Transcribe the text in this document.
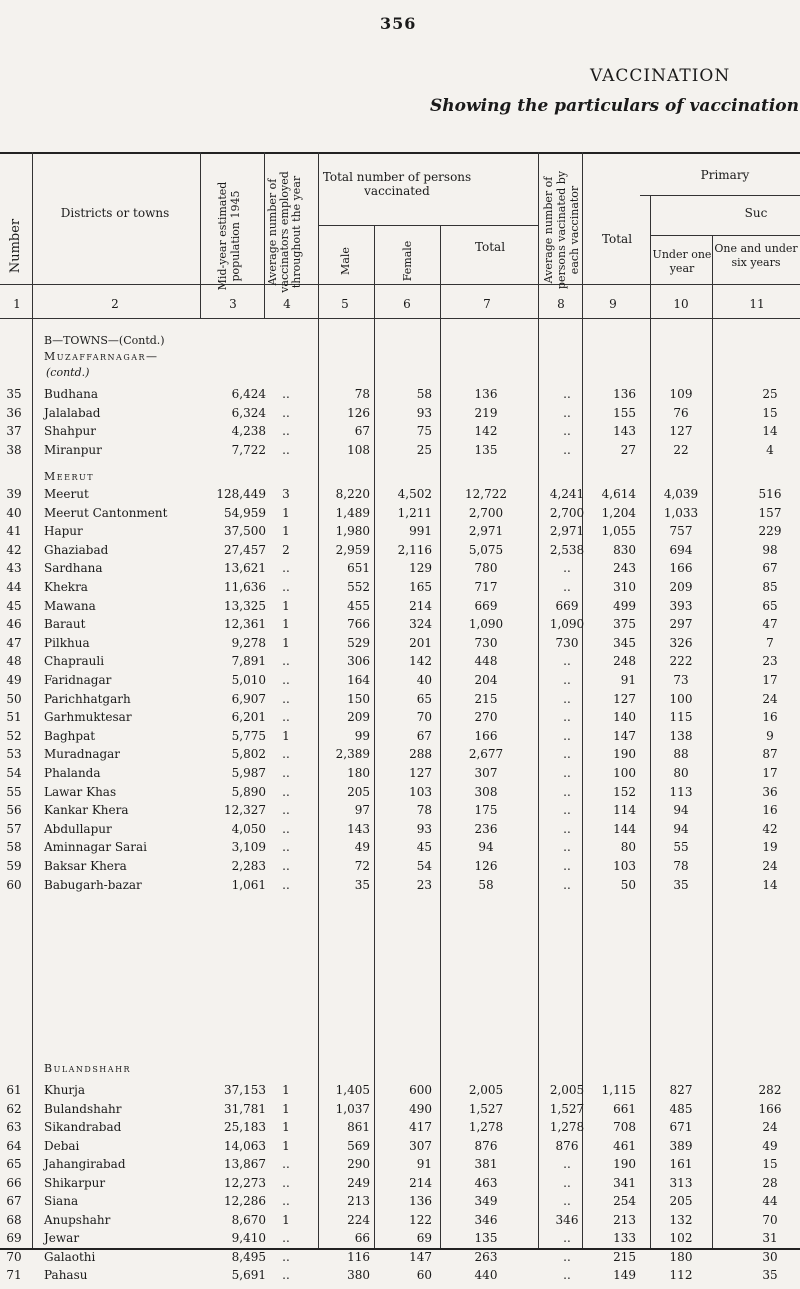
356
VACCINATION
Showing the particulars of vaccination
Number
Districts or towns	Mid-year estimated population 1945 Average number of vaccinators employed throughout the year	Total number of persons vaccinated
Male	Female	Total	Average number of persons vacinated by each vaccinator
Primary
Total
Suc
Under one year
One and under six years
1	2	3	4	5	6	7	8	9	10	11
B—TOWNS—(Contd.)
Muzaffarnagar—
(contd.)
Meerut
Bulandshahr
35	Budhana	6,424	..	78	58	136	..	136	109	25
36	Jalalabad	6,324	..	126	93	219	..	155	76	15
37	Shahpur	4,238	..	67	75	142	..	143	127	14
38	Miranpur	7,722	..	108	25	135	..	27	22	4
39	Meerut	128,449	3	8,220	4,502	12,722	4,241	4,614	4,039	516
40	Meerut Cantonment	54,959	1	1,489	1,211	2,700	2,700	1,204	1,033	157
41	Hapur	37,500	1	1,980	991	2,971	2,971	1,055	757	229
42	Ghaziabad	27,457	2	2,959	2,116	5,075	2,538	830	694	98
43	Sardhana	13,621	..	651	129	780	..	243	166	67
44	Khekra	11,636	..	552	165	717	..	310	209	85
45	Mawana	13,325	1	455	214	669	669	499	393	65
46	Baraut	12,361	1	766	324	1,090	1,090	375	297	47
47	Pilkhua	9,278	1	529	201	730	730	345	326	7
48	Chaprauli	7,891	..	306	142	448	..	248	222	23
49	Faridnagar	5,010	..	164	40	204	..	91	73	17
50	Parichhatgarh	6,907	..	150	65	215	..	127	100	24
51	Garhmuktesar	6,201	..	209	70	270	..	140	115	16
52	Baghpat	5,775	1	99	67	166	..	147	138	9
53	Muradnagar	5,802	..	2,389	288	2,677	..	190	88	87
54	Phalanda	5,987	..	180	127	307	..	100	80	17
55	Lawar Khas	5,890	..	205	103	308	..	152	113	36
56	Kankar Khera	12,327	..	97	78	175	..	114	94	16
57	Abdullapur	4,050	..	143	93	236	..	144	94	42
58	Aminnagar Sarai	3,109	..	49	45	94	..	80	55	19
59	Baksar Khera	2,283	..	72	54	126	..	103	78	24
60	Babugarh-bazar	1,061	..	35	23	58	..	50	35	14
61	Khurja	37,153	1	1,405	600	2,005	2,005	1,115	827	282
62	Bulandshahr	31,781	1	1,037	490	1,527	1,527	661	485	166
63	Sikandrabad	25,183	1	861	417	1,278	1,278	708	671	24
64	Debai	14,063	1	569	307	876	876	461	389	49
65	Jahangirabad	13,867	..	290	91	381	..	190	161	15
66	Shikarpur	12,273	..	249	214	463	..	341	313	28
67	Siana	12,286	..	213	136	349	..	254	205	44
68	Anupshahr	8,670	1	224	122	346	346	213	132	70
69	Jewar	9,410	..	66	69	135	..	133	102	31
70	Galaothi	8,495	..	116	147	263	..	215	180	30
71	Pahasu	5,691	..	380	60	440	..	149	112	35
